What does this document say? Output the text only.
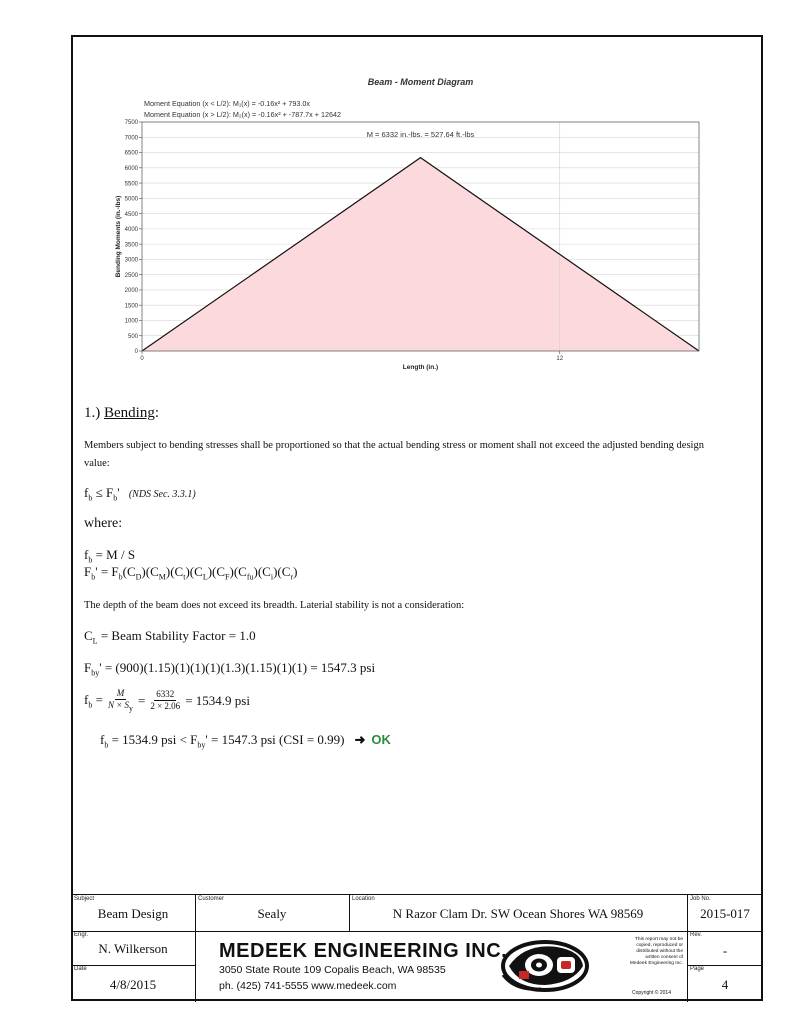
Beam - Moment Diagram
Moment Equation (x < L/2): M₁(x) = -0.16x² + 793.0x
Moment Equation (x > L/2): M₂(x) = -0.16x² + -787.7x + 12642
0
500
1000
1500
2000
2500
3000
3500
4000
4500
5000
5500
6000
6500
7000
7500
0	12
M = 6332 in.-lbs. = 527.64 ft.-lbs
Length (in.)
Bending Moments (in.-lbs)
1.) Bending:
Members subject to bending stresses shall be proportioned so that the actual bending stress or moment shall not exceed the adjusted bending design value:
$f_b \le F_b'$ (NDS Sec. 3.3.1)
where:
$f_b = M / S$
$F_b' = F_b(C_D)(C_M)(C_t)(C_L)(C_F)(C_{fu})(C_i)(C_r)$
The depth of the beam does not exceed its breadth. Laterial stability is not a consideration:
$C_L$ = Beam Stability Factor = 1.0
$F_{by}' = (900)(1.15)(1)(1)(1)(1.3)(1.15)(1)(1) = 1547.3$ psi
$f_b = \frac{M}{N \times S_y} = \frac{6332}{2 \times 2.06} = 1534.9$ psi
$f_b = 1534.9$ psi < $F_{by}' = 1547.3$ psi (CSI = 0.99) ➜ OK
Subject
Beam Design
Customer
Sealy
Location
N Razor Clam Dr. SW Ocean Shores WA 98569
Job No.
2015-017
Engr.
N. Wilkerson
Rev.
-
Date
4/8/2015
Page
4
MEDEEK ENGINEERING INC.
3050 State Route 109 Copalis Beach, WA 98535
ph. (425) 741-5555 www.medeek.com
This report may not be
copied, reproduced or
distributed without the
written consent of
Medeek Engineering Inc.
Copyright © 2014
